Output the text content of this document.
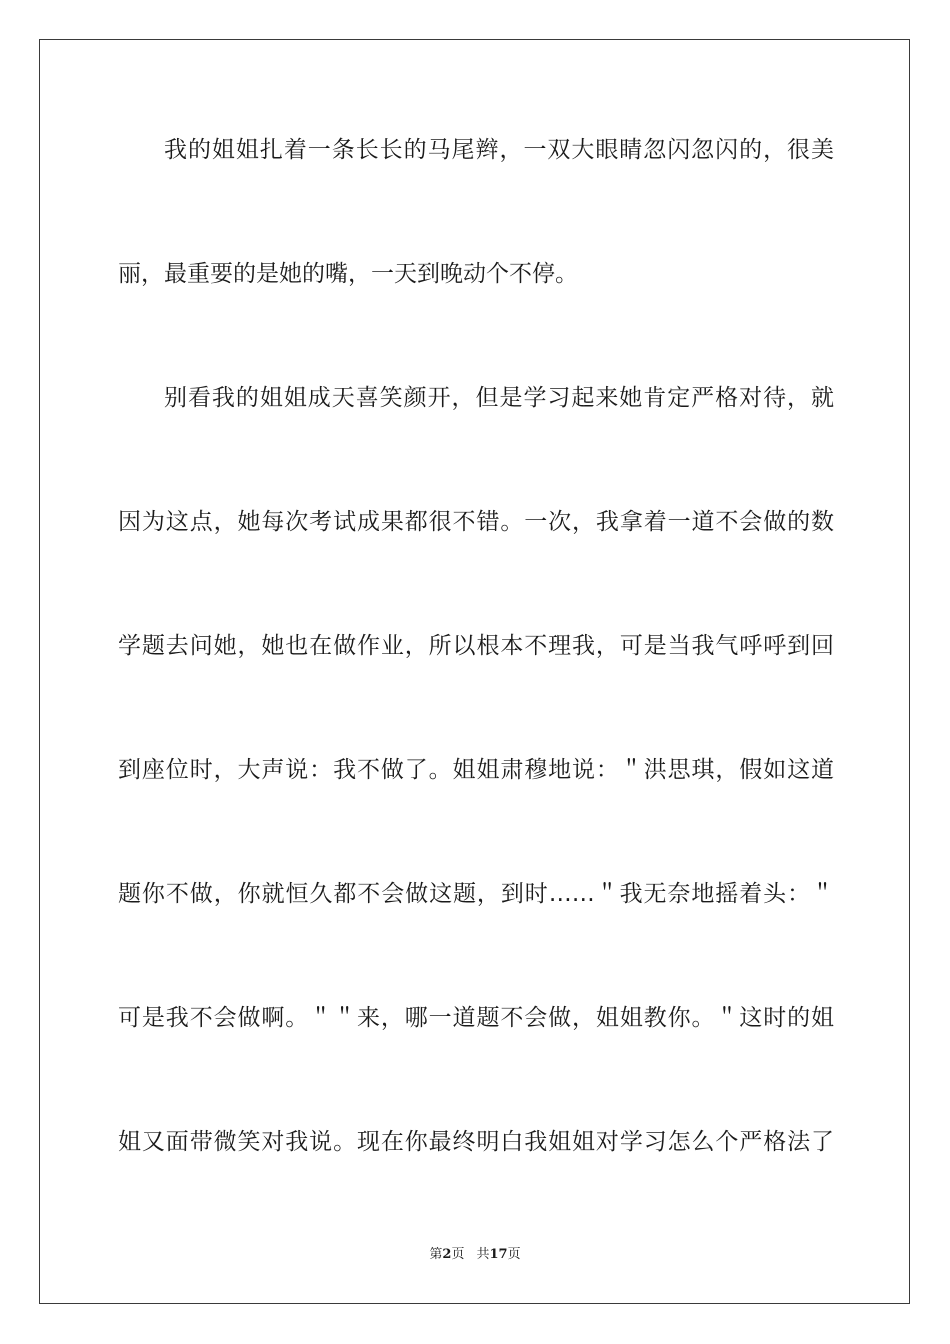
我的姐姐扎着一条长长的马尾辫，一双大眼睛忽闪忽闪的，很美
丽，最重要的是她的嘴，一天到晚动个不停。
别看我的姐姐成天喜笑颜开，但是学习起来她肯定严格对待，就
因为这点，她每次考试成果都很不错。一次，我拿着一道不会做的数
学题去问她，她也在做作业，所以根本不理我，可是当我气呼呼到回
到座位时，大声说：我不做了。姐姐肃穆地说：＂洪思琪，假如这道
题你不做，你就恒久都不会做这题，到时……＂我无奈地摇着头：＂
可是我不会做啊。＂＂来，哪一道题不会做，姐姐教你。＂这时的姐
姐又面带微笑对我说。现在你最终明白我姐姐对学习怎么个严格法了
第2页 共17页
